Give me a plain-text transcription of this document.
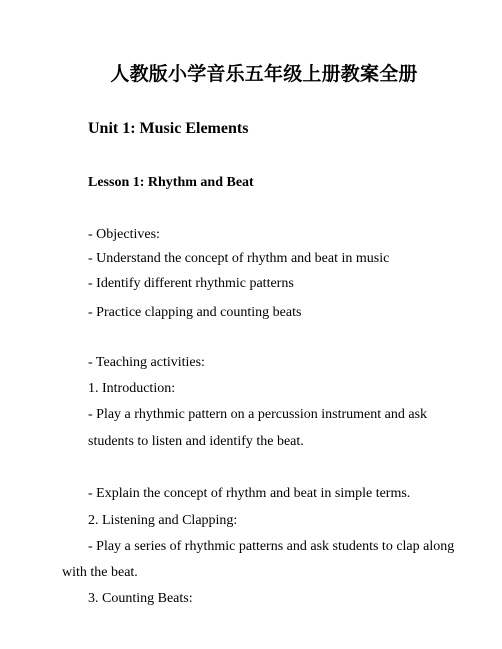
人教版小学音乐五年级上册教案全册
Unit 1: Music Elements
Lesson 1: Rhythm and Beat
- Objectives:
- Understand the concept of rhythm and beat in music
- Identify different rhythmic patterns
- Practice clapping and counting beats
- Teaching activities:
1. Introduction:
- Play a rhythmic pattern on a percussion instrument and ask
students to listen and identify the beat.
- Explain the concept of rhythm and beat in simple terms.
2. Listening and Clapping:
- Play a series of rhythmic patterns and ask students to clap along
with the beat.
3. Counting Beats:
